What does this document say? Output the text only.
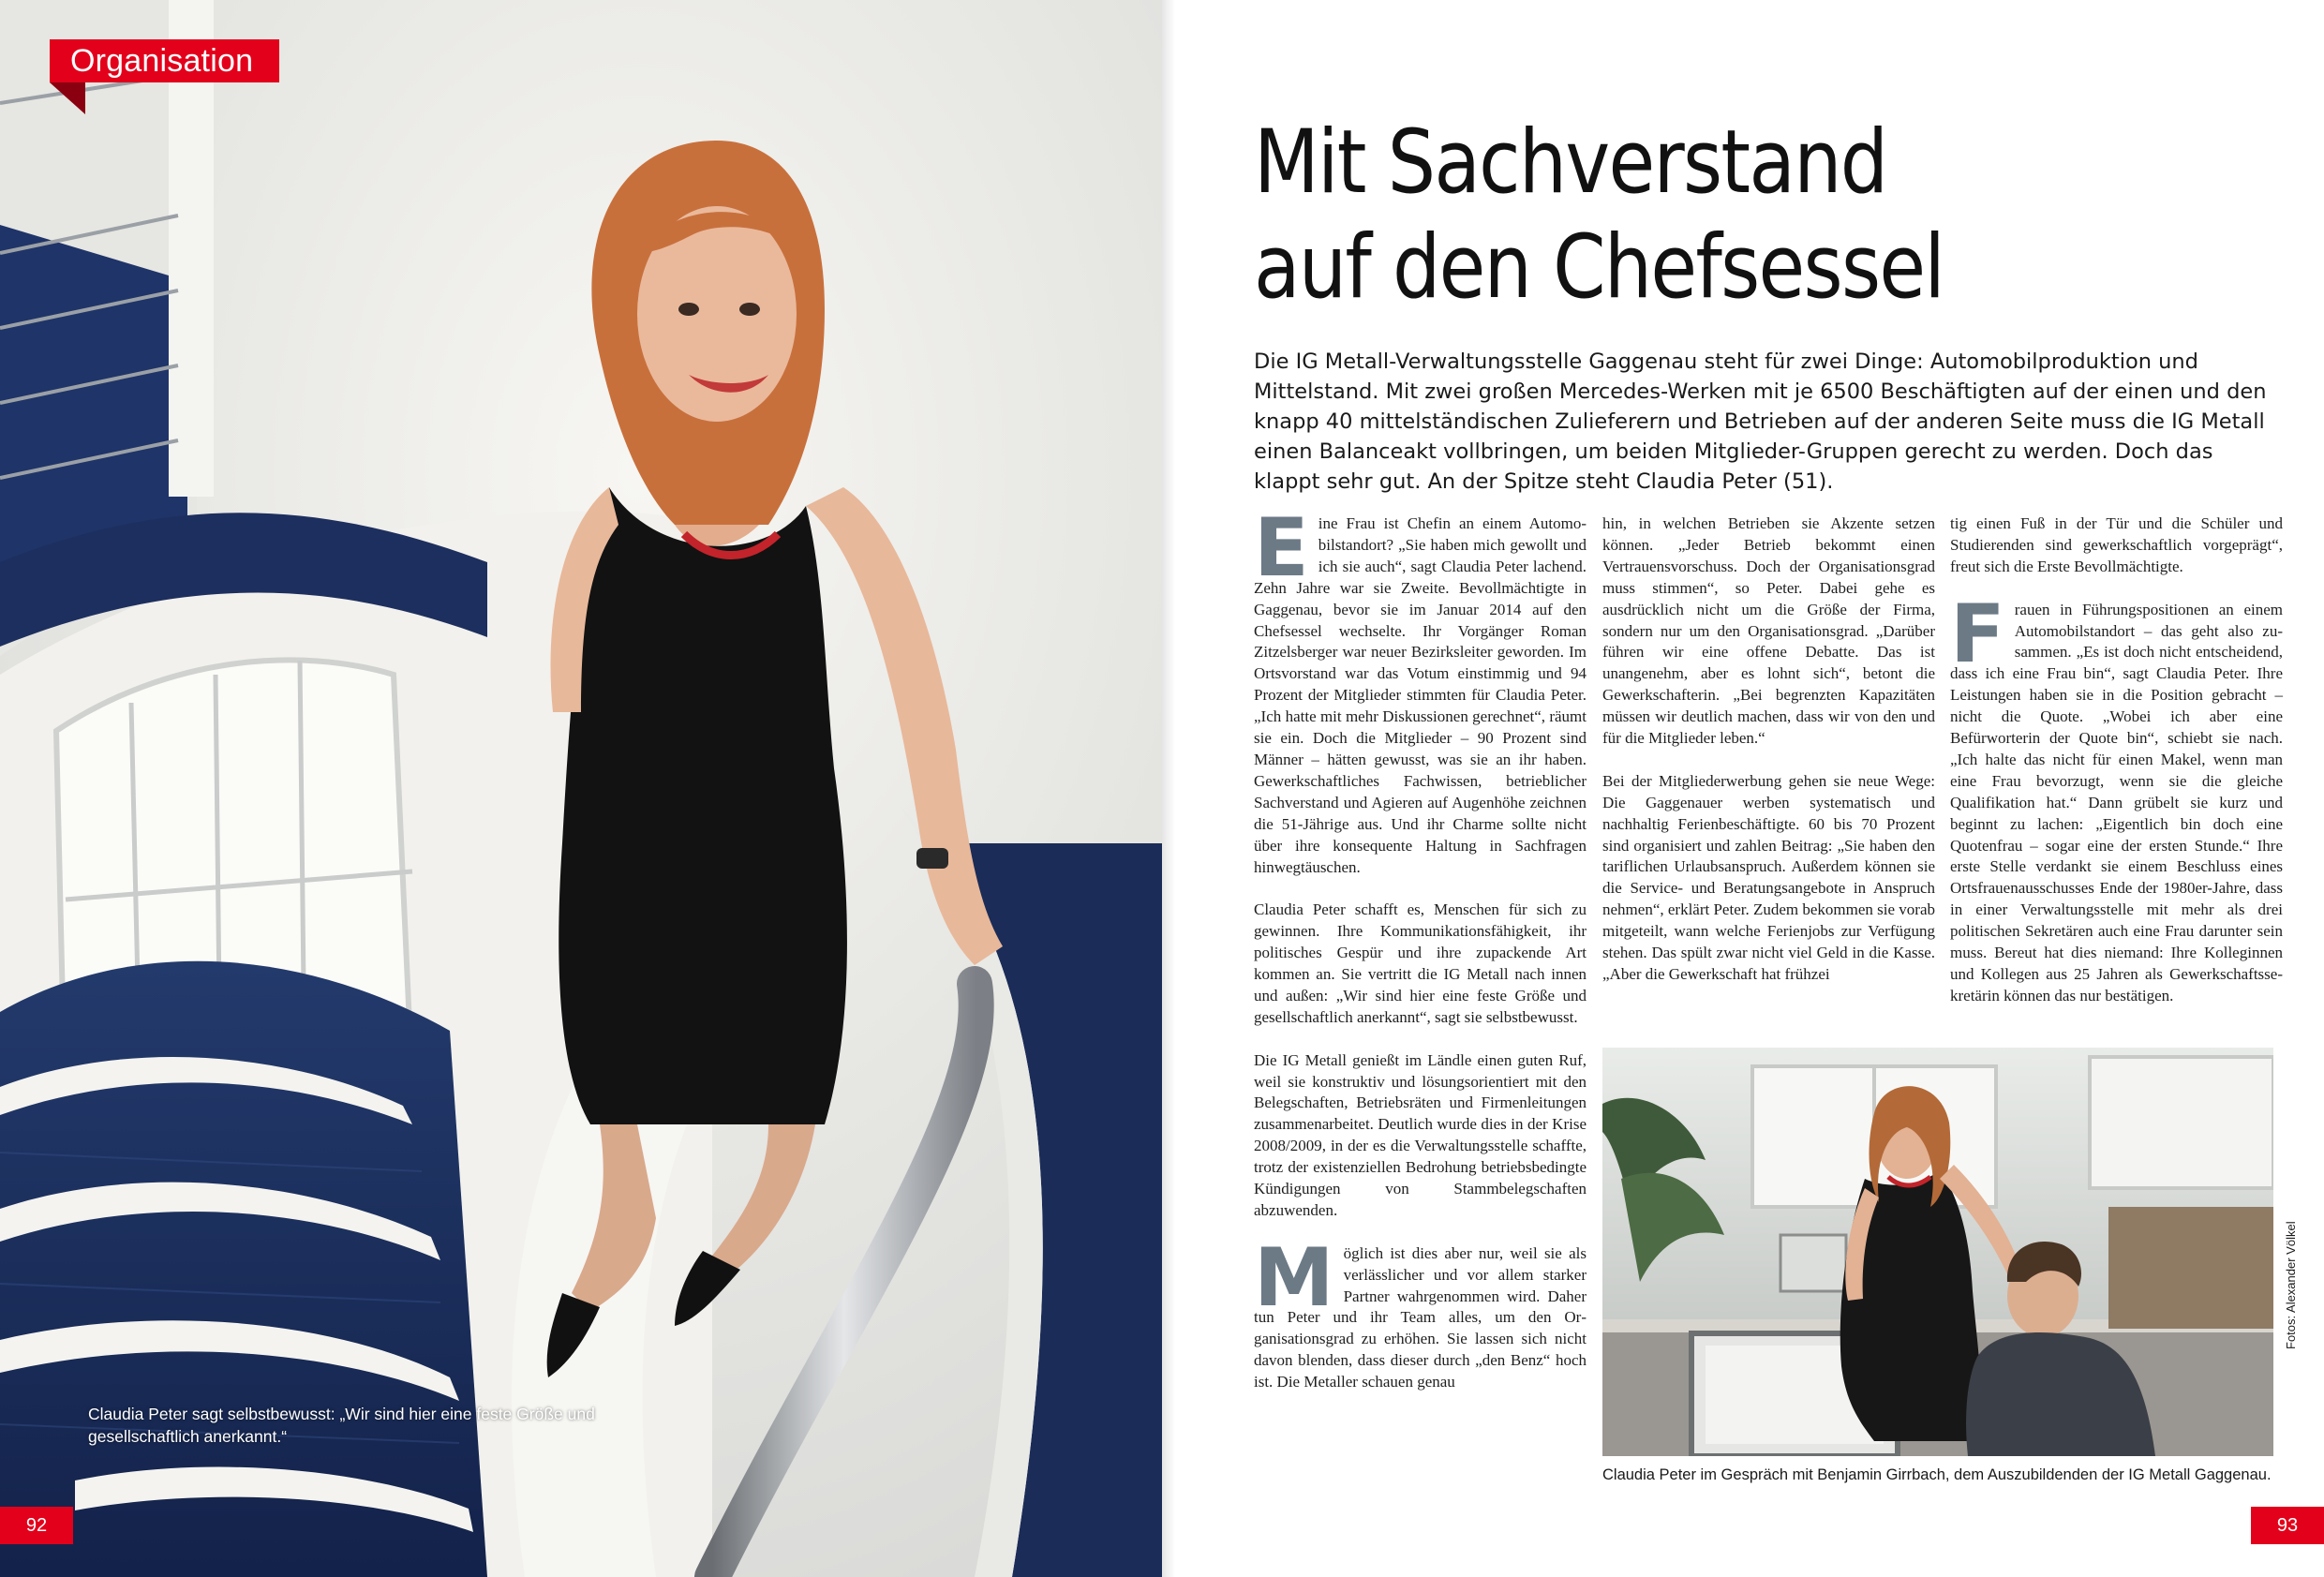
Organisation

Claudia Peter sagt selbstbewusst: „Wir sind hier eine feste Größe und gesellschaftlich anerkannt.“

92
Mit Sachverstand
auf den Chefsessel

Die IG Metall-Verwaltungsstelle Gaggenau steht für zwei Dinge: Automobilproduktion und Mittelstand. Mit zwei großen Mercedes-Werken mit je 6500 Beschäftigten auf der einen und den knapp 40 mittelständischen Zulieferern und Betrieben auf der anderen Seite muss die IG Metall einen Balanceakt vollbringen, um beiden Mitglieder-Gruppen gerecht zu werden. Doch das klappt sehr gut. An der Spitze steht Claudia Peter (51).

Eine Frau ist Chefin an einem Automobilstandort? „Sie haben mich gewollt und ich sie auch“, sagt Claudia Peter lachend. Zehn Jahre war sie Zweite. Bevollmächtigte in Gaggenau, bevor sie im Januar 2014 auf den Chefsessel wechselte. Ihr Vorgänger Roman Zitzelsberger war neuer Bezirksleiter geworden. Im Ortsvorstand war das Votum einstimmig und 94 Prozent der Mitglieder stimmten für Claudia Peter. „Ich hatte mit mehr Diskussionen gerechnet“, räumt sie ein. Doch die Mitglieder – 90 Prozent sind Männer – hätten gewusst, was sie an ihr haben. Gewerkschaftliches Fachwissen, betrieblicher Sachverstand und Agieren auf Augenhöhe zeichnen die 51-Jährige aus. Und ihr Charme sollte nicht über ihre konsequente Haltung in Sachfragen hinwegtäuschen.

Claudia Peter schafft es, Menschen für sich zu gewinnen. Ihre Kommunikationsfähigkeit, ihr politisches Gespür und ihre zupackende Art kommen an. Sie vertritt die IG Metall nach innen und außen: „Wir sind hier eine feste Größe und gesellschaftlich anerkannt“, sagt sie selbstbewusst.

Die IG Metall genießt im Ländle einen guten Ruf, weil sie konstruktiv und lösungsorientiert mit den Belegschaften, Betriebsräten und Firmenleitungen zusammenarbeitet. Deutlich wurde dies in der Krise 2008/2009, in der es die Verwaltungsstelle schaffte, trotz der existenziellen Bedrohung betriebsbedingte Kündigungen von Stammbelegschaften abzuwenden.

Möglich ist dies aber nur, weil sie als verlässlicher und vor allem starker Partner wahrgenommen wird. Daher tun Peter und ihr Team alles, um den Organisationsgrad zu erhöhen. Sie lassen sich nicht davon blenden, dass dieser durch „den Benz“ hoch ist. Die Metaller schauen genau

hin, in welchen Betrieben sie Akzente setzen können. „Jeder Betrieb bekommt einen Vertrauensvorschuss. Doch der Organisationsgrad muss stimmen“, so Peter. Dabei gehe es ausdrücklich nicht um die Größe der Firma, sondern nur um den Organisationsgrad. „Darüber führen wir eine offene Debatte. Das ist unangenehm, aber es lohnt sich“, betont die Gewerkschafterin. „Bei begrenzten Kapazitäten müssen wir deutlich machen, dass wir von den und für die Mitglieder leben.“

Bei der Mitgliederwerbung gehen sie neue Wege: Die Gaggenauer werben systematisch und nachhaltig Ferienbeschäftigte. 60 bis 70 Prozent sind organisiert und zahlen Beitrag: „Sie haben den tariflichen Urlaubsanspruch. Außerdem können sie die Service- und Beratungsangebote in Anspruch nehmen“, erklärt Peter. Zudem bekommen sie vorab mitgeteilt, wann welche Ferienjobs zur Verfügung stehen. Das spült zwar nicht viel Geld in die Kasse. „Aber die Gewerkschaft hat frühzei

tig einen Fuß in der Tür und die Schüler und Studierenden sind gewerkschaftlich vorgeprägt“, freut sich die Erste Bevollmächtigte.

Frauen in Führungspositionen an einem Automobilstandort – das geht also zusammen. „Es ist doch nicht entscheidend, dass ich eine Frau bin“, sagt Claudia Peter. Ihre Leistungen haben sie in die Position gebracht – nicht die Quote. „Wobei ich aber eine Befürworterin der Quote bin“, schiebt sie nach. „Ich halte das nicht für einen Makel, wenn man eine Frau bevorzugt, wenn sie die gleiche Qualifikation hat.“ Dann grübelt sie kurz und beginnt zu lachen: „Eigentlich bin doch eine Quotenfrau – sogar eine der ersten Stunde.“ Ihre erste Stelle verdankt sie einem Beschluss eines Ortsfrauenausschusses Ende der 1980er-Jahre, dass in einer Verwaltungsstelle mit mehr als drei politischen Sekretären auch eine Frau darunter sein muss. Bereut hat dies niemand: Ihre Kolleginnen und Kollegen aus 25 Jahren als Gewerkschaftssekretärin können das nur bestätigen.

Claudia Peter im Gespräch mit Benjamin Girrbach, dem Auszubildenden der IG Metall Gaggenau.

Fotos: Alexander Völkel
93
